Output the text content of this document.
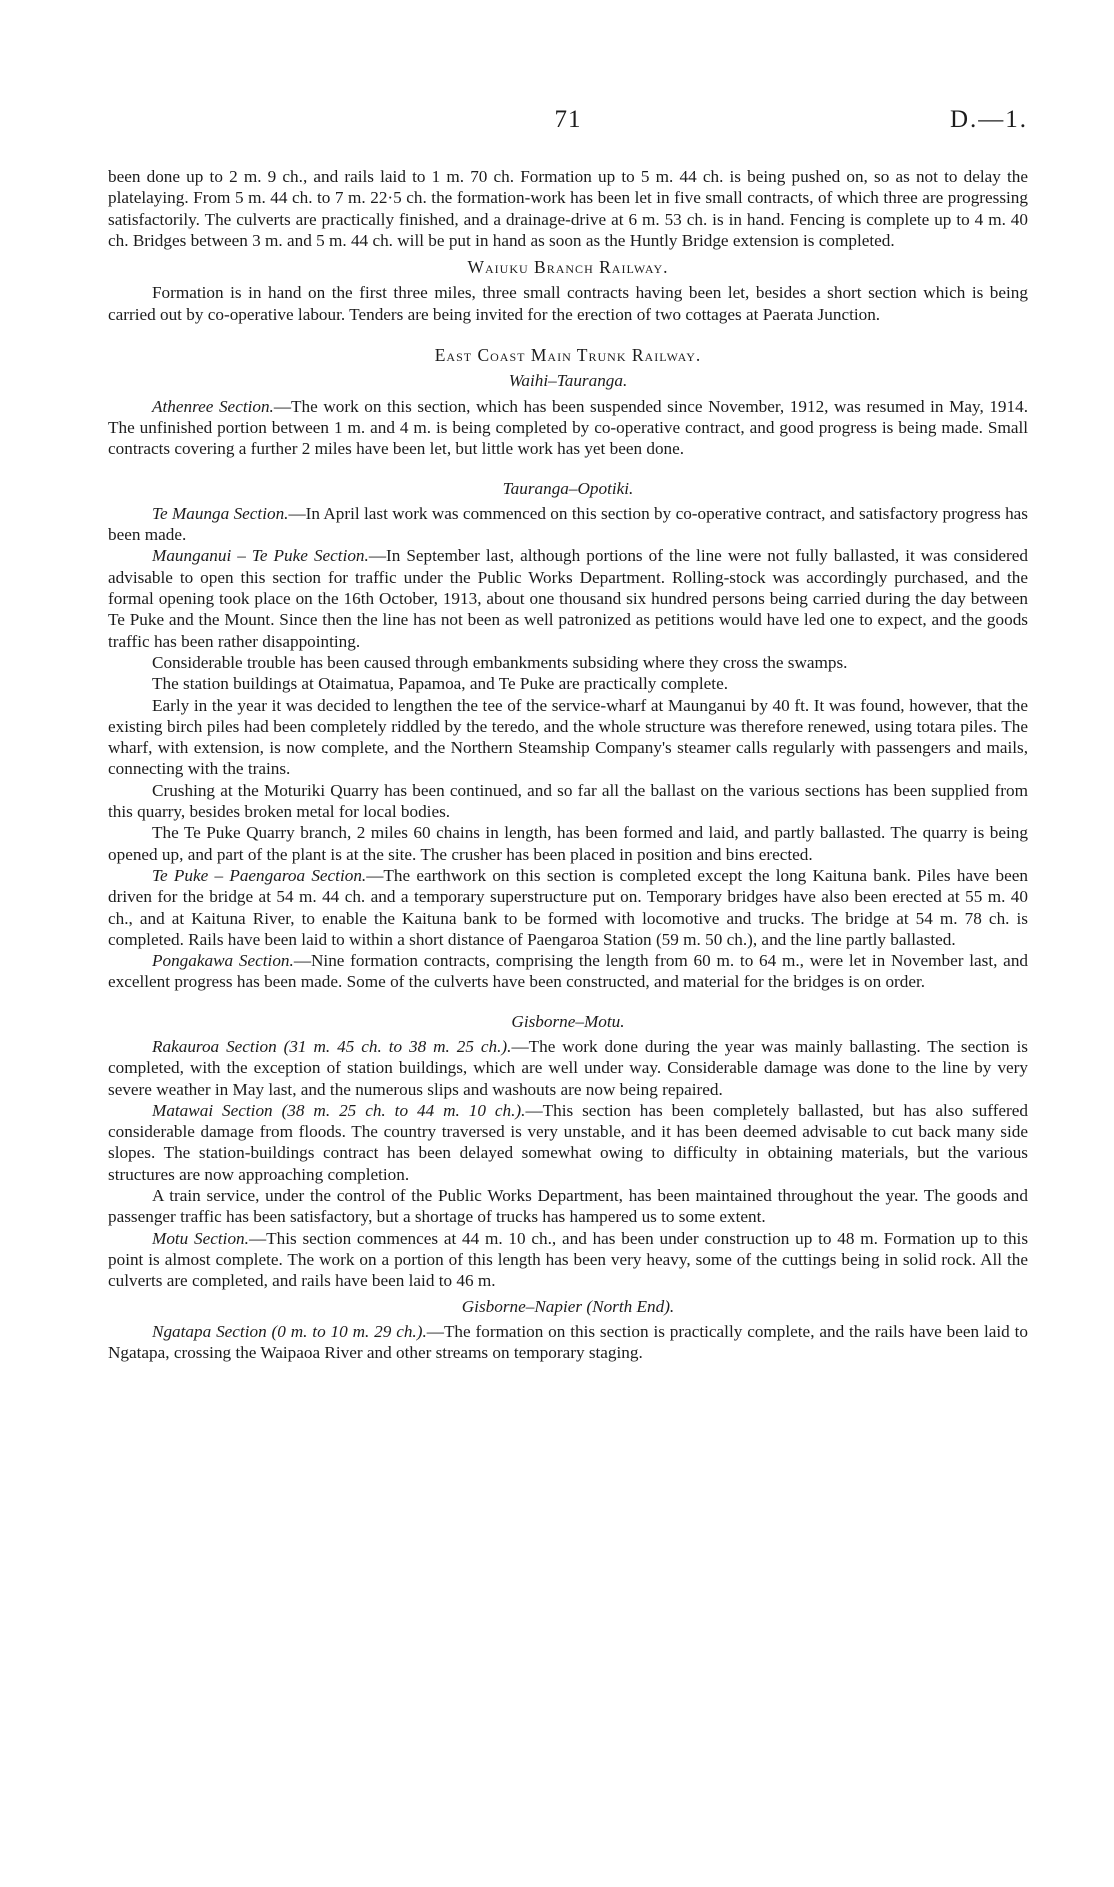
71	D.—1.

been done up to 2 m. 9 ch., and rails laid to 1 m. 70 ch. Formation up to 5 m. 44 ch. is being pushed on, so as not to delay the platelaying. From 5 m. 44 ch. to 7 m. 22·5 ch. the formation-work has been let in five small contracts, of which three are progressing satisfactorily. The culverts are practically finished, and a drainage-drive at 6 m. 53 ch. is in hand. Fencing is complete up to 4 m. 40 ch. Bridges between 3 m. and 5 m. 44 ch. will be put in hand as soon as the Huntly Bridge extension is completed.

Waiuku Branch Railway.

Formation is in hand on the first three miles, three small contracts having been let, besides a short section which is being carried out by co-operative labour. Tenders are being invited for the erection of two cottages at Paerata Junction.

East Coast Main Trunk Railway.
Waihi–Tauranga.

Athenree Section.—The work on this section, which has been suspended since November, 1912, was resumed in May, 1914. The unfinished portion between 1 m. and 4 m. is being completed by co-operative contract, and good progress is being made. Small contracts covering a further 2 miles have been let, but little work has yet been done.

Tauranga–Opotiki.

Te Maunga Section.—In April last work was commenced on this section by co-operative contract, and satisfactory progress has been made.

Maunganui – Te Puke Section.—In September last, although portions of the line were not fully ballasted, it was considered advisable to open this section for traffic under the Public Works Department. Rolling-stock was accordingly purchased, and the formal opening took place on the 16th October, 1913, about one thousand six hundred persons being carried during the day between Te Puke and the Mount. Since then the line has not been as well patronized as petitions would have led one to expect, and the goods traffic has been rather disappointing.

Considerable trouble has been caused through embankments subsiding where they cross the swamps.

The station buildings at Otaimatua, Papamoa, and Te Puke are practically complete.

Early in the year it was decided to lengthen the tee of the service-wharf at Maunganui by 40 ft. It was found, however, that the existing birch piles had been completely riddled by the teredo, and the whole structure was therefore renewed, using totara piles. The wharf, with extension, is now complete, and the Northern Steamship Company's steamer calls regularly with passengers and mails, connecting with the trains.

Crushing at the Moturiki Quarry has been continued, and so far all the ballast on the various sections has been supplied from this quarry, besides broken metal for local bodies.

The Te Puke Quarry branch, 2 miles 60 chains in length, has been formed and laid, and partly ballasted. The quarry is being opened up, and part of the plant is at the site. The crusher has been placed in position and bins erected.

Te Puke – Paengaroa Section.—The earthwork on this section is completed except the long Kaituna bank. Piles have been driven for the bridge at 54 m. 44 ch. and a temporary superstructure put on. Temporary bridges have also been erected at 55 m. 40 ch., and at Kaituna River, to enable the Kaituna bank to be formed with locomotive and trucks. The bridge at 54 m. 78 ch. is completed. Rails have been laid to within a short distance of Paengaroa Station (59 m. 50 ch.), and the line partly ballasted.

Pongakawa Section.—Nine formation contracts, comprising the length from 60 m. to 64 m., were let in November last, and excellent progress has been made. Some of the culverts have been constructed, and material for the bridges is on order.

Gisborne–Motu.

Rakauroa Section (31 m. 45 ch. to 38 m. 25 ch.).—The work done during the year was mainly ballasting. The section is completed, with the exception of station buildings, which are well under way. Considerable damage was done to the line by very severe weather in May last, and the numerous slips and washouts are now being repaired.

Matawai Section (38 m. 25 ch. to 44 m. 10 ch.).—This section has been completely ballasted, but has also suffered considerable damage from floods. The country traversed is very unstable, and it has been deemed advisable to cut back many side slopes. The station-buildings contract has been delayed somewhat owing to difficulty in obtaining materials, but the various structures are now approaching completion.

A train service, under the control of the Public Works Department, has been maintained throughout the year. The goods and passenger traffic has been satisfactory, but a shortage of trucks has hampered us to some extent.

Motu Section.—This section commences at 44 m. 10 ch., and has been under construction up to 48 m. Formation up to this point is almost complete. The work on a portion of this length has been very heavy, some of the cuttings being in solid rock. All the culverts are completed, and rails have been laid to 46 m.

Gisborne–Napier (North End).

Ngatapa Section (0 m. to 10 m. 29 ch.).—The formation on this section is practically complete, and the rails have been laid to Ngatapa, crossing the Waipaoa River and other streams on temporary staging.
